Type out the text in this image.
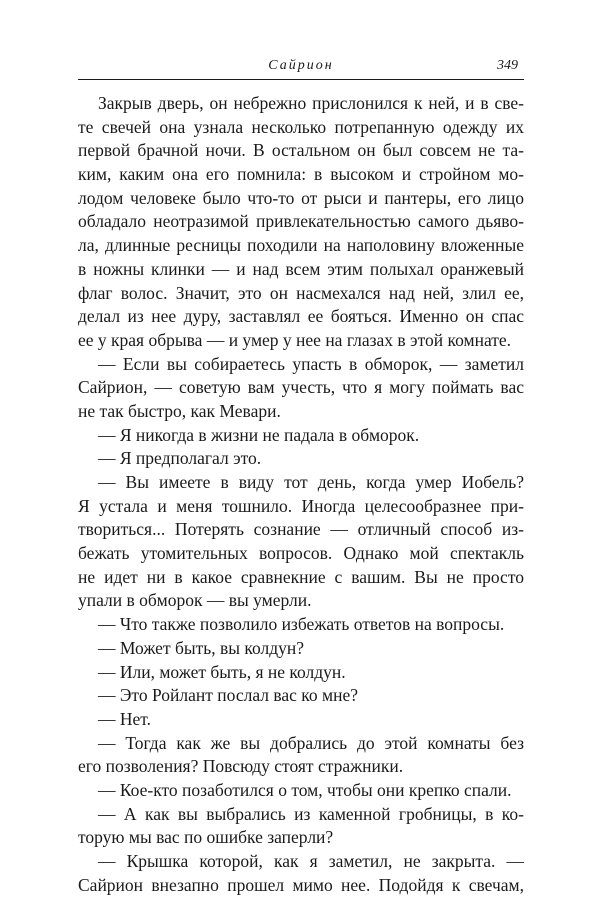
Сайрион	349
Закрыв дверь, он небрежно прислонился к ней, и в све-
те свечей она узнала несколько потрепанную одежду их
первой брачной ночи. В остальном он был совсем не та-
ким, каким она его помнила: в высоком и стройном мо-
лодом человеке было что-то от рыси и пантеры, его лицо
обладало неотразимой привлекательностью самого дьяво-
ла, длинные ресницы походили на наполовину вложенные
в ножны клинки — и над всем этим полыхал оранжевый
флаг волос. Значит, это он насмехался над ней, злил ее,
делал из нее дуру, заставлял ее бояться. Именно он спас
ее у края обрыва — и умер у нее на глазах в этой комнате.
— Если вы собираетесь упасть в обморок, — заметил
Сайрион, — советую вам учесть, что я могу поймать вас
не так быстро, как Мевари.
— Я никогда в жизни не падала в обморок.
— Я предполагал это.
— Вы имеете в виду тот день, когда умер Иобель?
Я устала и меня тошнило. Иногда целесообразнее при-
твориться... Потерять сознание — отличный способ из-
бежать утомительных вопросов. Однако мой спектакль
не идет ни в какое сравнекние с вашим. Вы не просто
упали в обморок — вы умерли.
— Что также позволило избежать ответов на вопросы.
— Может быть, вы колдун?
— Или, может быть, я не колдун.
— Это Ройлант послал вас ко мне?
— Нет.
— Тогда как же вы добрались до этой комнаты без
его позволения? Повсюду стоят стражники.
— Кое-кто позаботился о том, чтобы они крепко спали.
— А как вы выбрались из каменной гробницы, в ко-
торую мы вас по ошибке заперли?
— Крышка которой, как я заметил, не закрыта. —
Сайрион внезапно прошел мимо нее. Подойдя к свечам,
